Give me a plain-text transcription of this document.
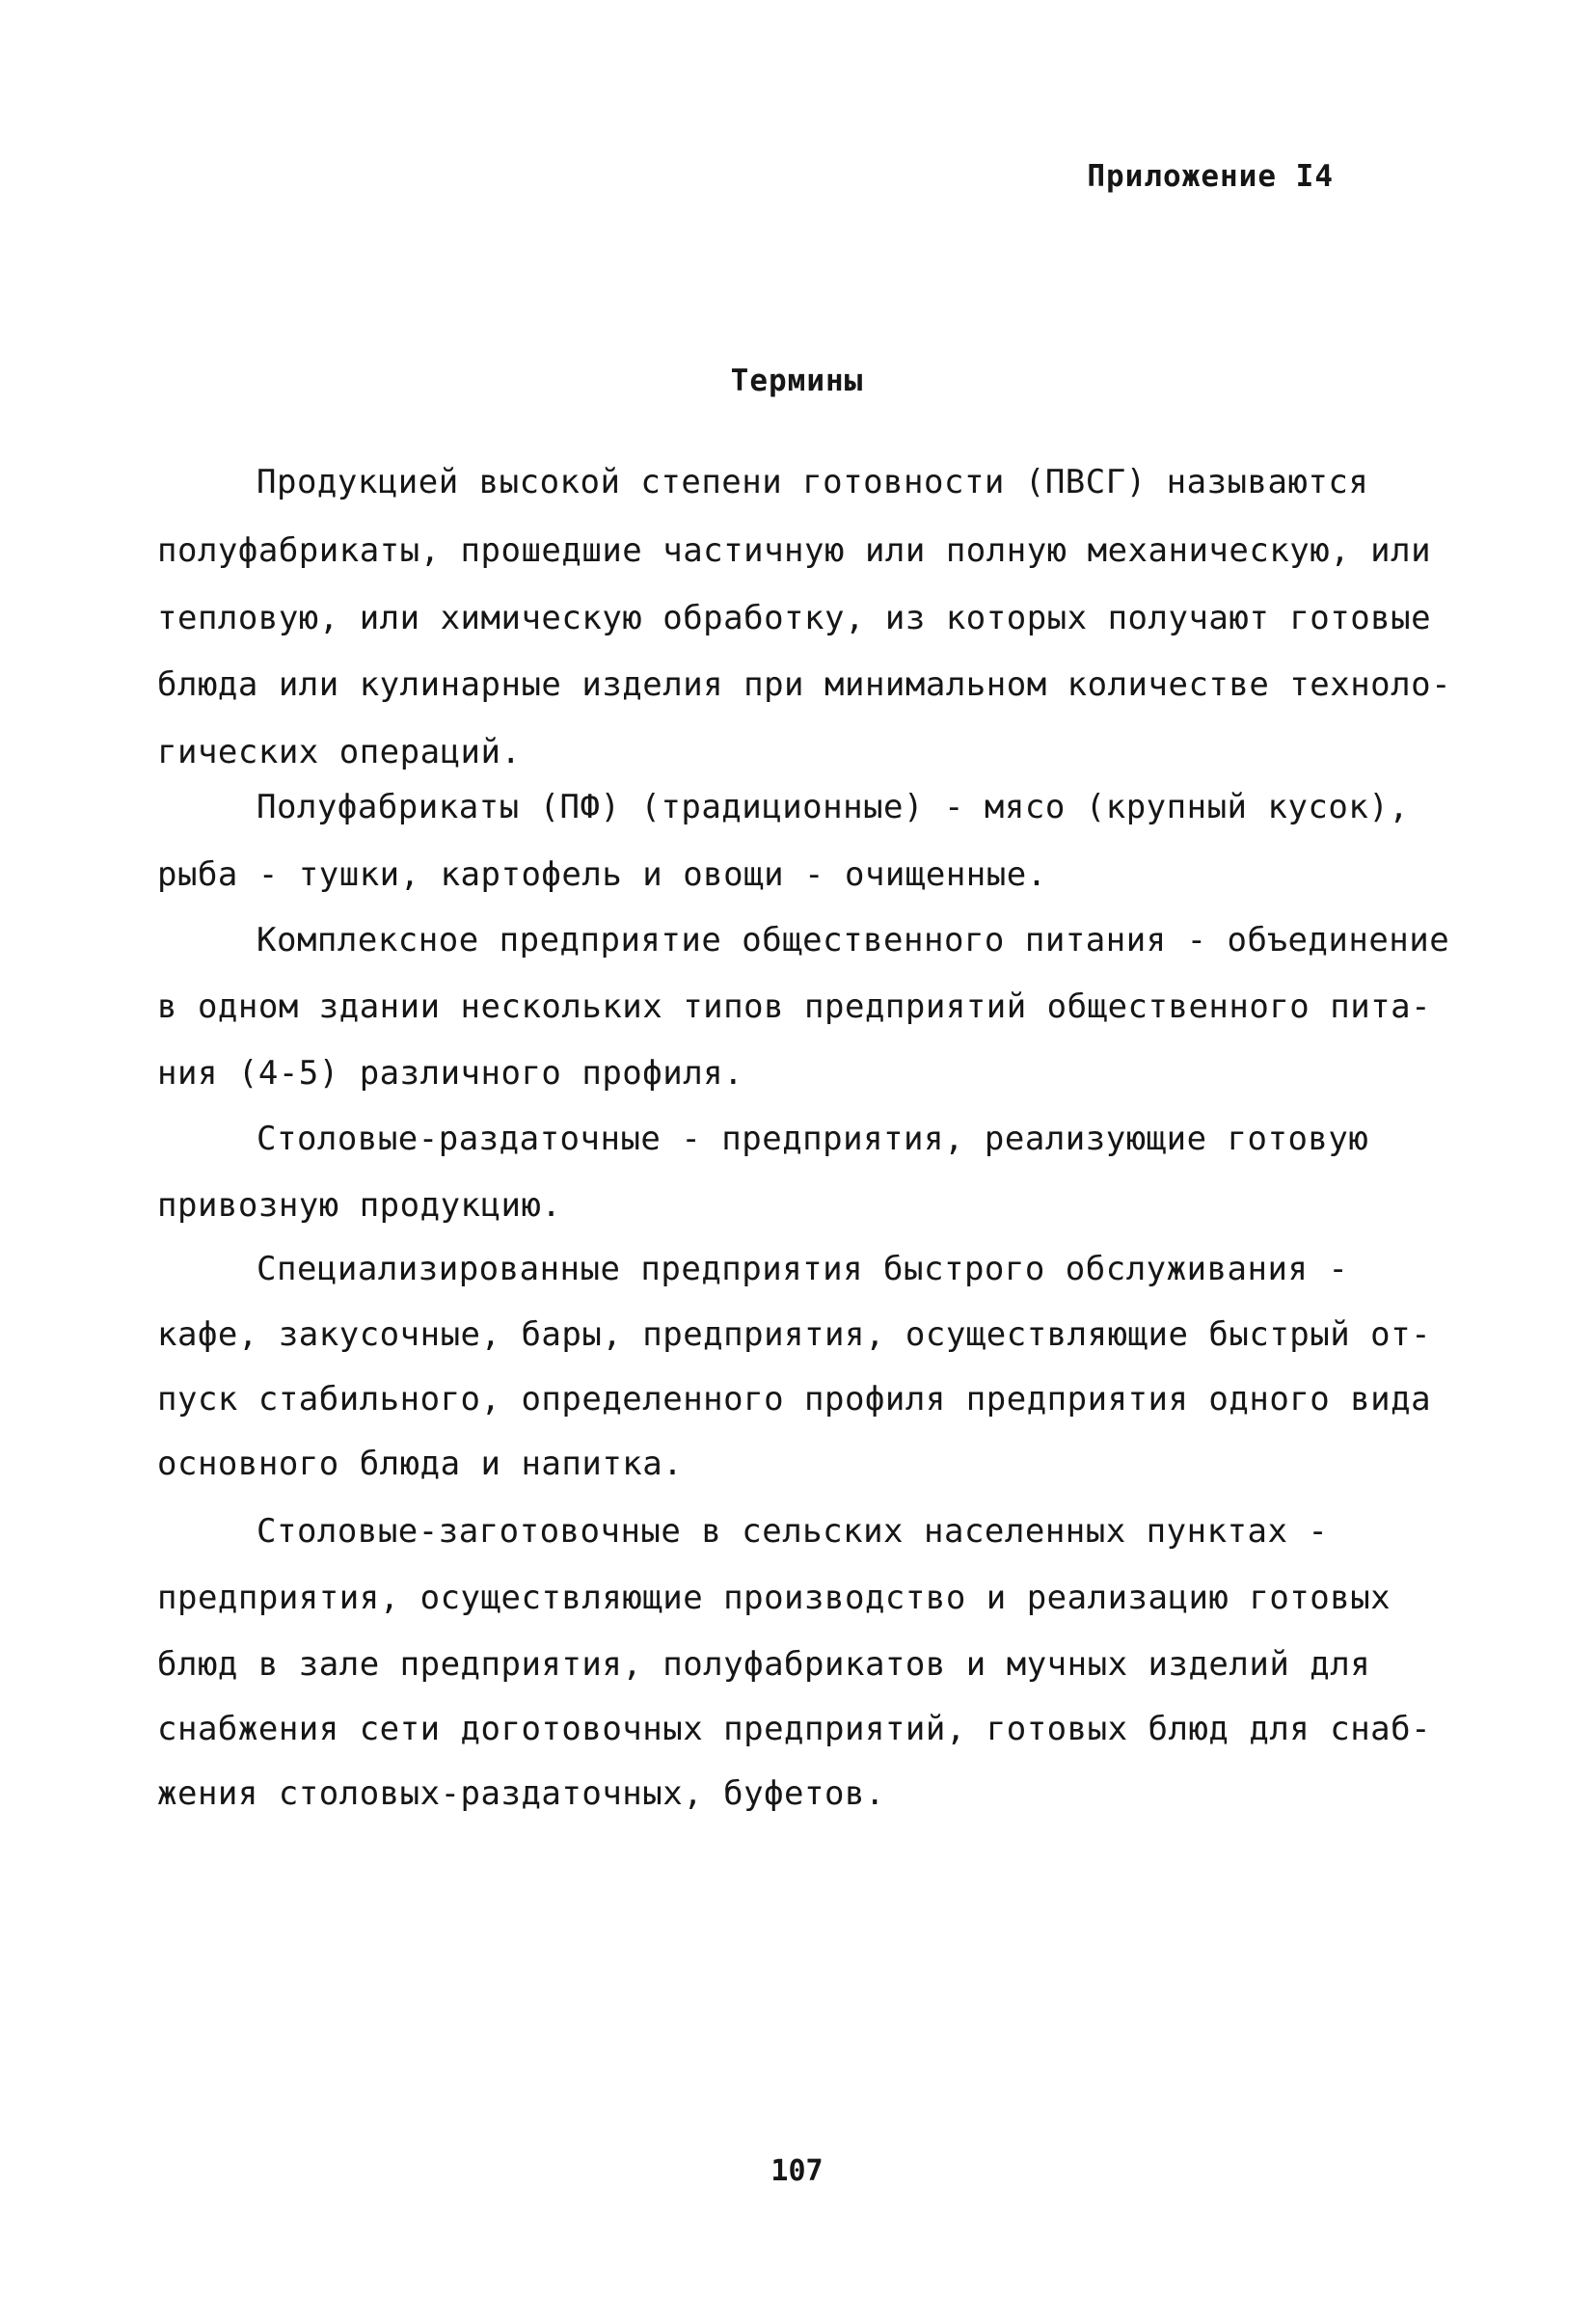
Приложение I4
Термины
Продукцией высокой степени готовности (ПВСГ) называются
полуфабрикаты, прошедшие частичную или полную механическую, или
тепловую, или химическую обработку, из которых получают готовые
блюда или кулинарные изделия при минимальном количестве техноло-
гических операций.
Полуфабрикаты (ПФ) (традиционные) - мясо (крупный кусок),
рыба - тушки, картофель и овощи - очищенные.
Комплексное предприятие общественного питания - объединение
в одном здании нескольких типов предприятий общественного пита-
ния (4-5) различного профиля.
Столовые-раздаточные - предприятия, реализующие готовую
привозную продукцию.
Специализированные предприятия быстрого обслуживания -
кафе, закусочные, бары, предприятия, осуществляющие быстрый от-
пуск стабильного, определенного профиля предприятия одного вида
основного блюда и напитка.
Столовые-заготовочные в сельских населенных пунктах -
предприятия, осуществляющие производство и реализацию готовых
блюд в зале предприятия, полуфабрикатов и мучных изделий для
снабжения сети доготовочных предприятий, готовых блюд для снаб-
жения столовых-раздаточных, буфетов.
107
